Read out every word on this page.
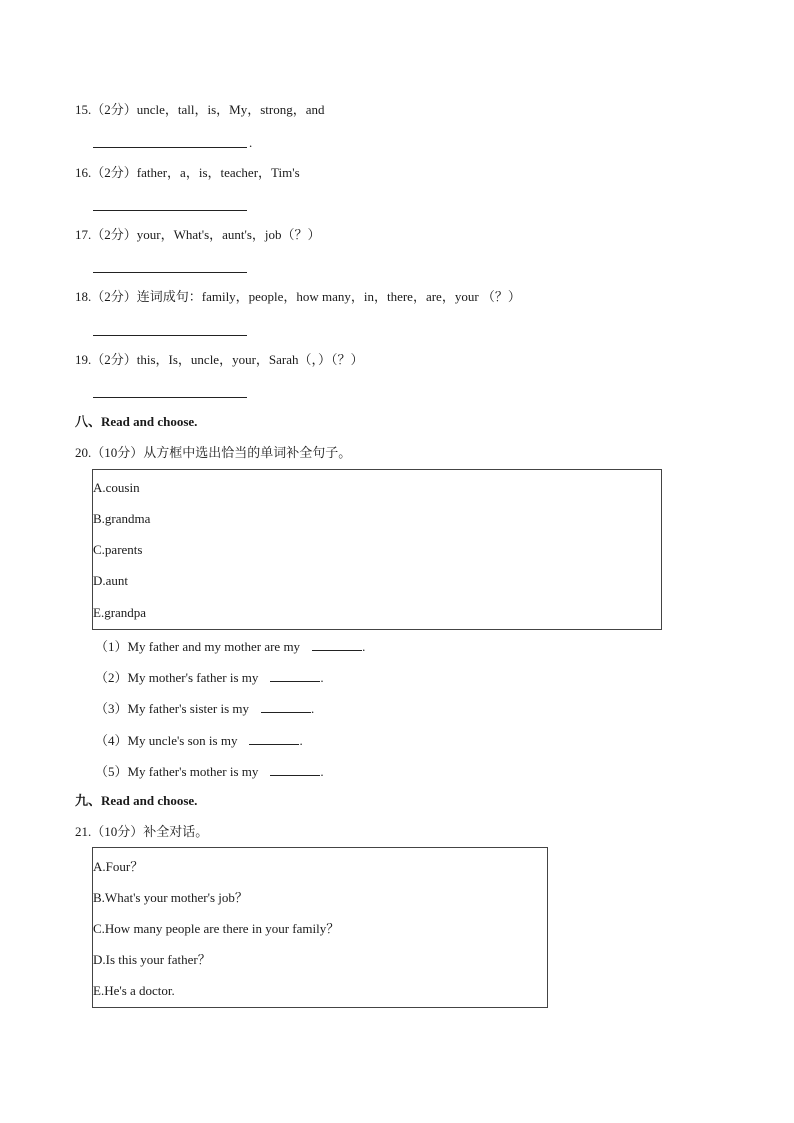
15.（2分）uncle，tall，is，My，strong，and
.
16.（2分）father，a，is，teacher，Tim's
17.（2分）your，What's，aunt's，job（？）
18.（2分）连词成句：family，people，how many，in，there，are，your （？）
19.（2分）this，Is，uncle，your，Sarah（，）（？）
八、Read and choose.
20.（10分）从方框中选出恰当的单词补全句子。
A.cousin
B.grandma
C.parents
D.aunt
E.grandpa
（1）My father and my mother are my	.
（2）My mother's father is my	.
（3）My father's sister is my	.
（4）My uncle's son is my	.
（5）My father's mother is my	.
九、Read and choose.
21.（10分）补全对话。
A.Four？
B.What's your mother's job？
C.How many people are there in your family？
D.Is this your father？
E.He's a doctor.
